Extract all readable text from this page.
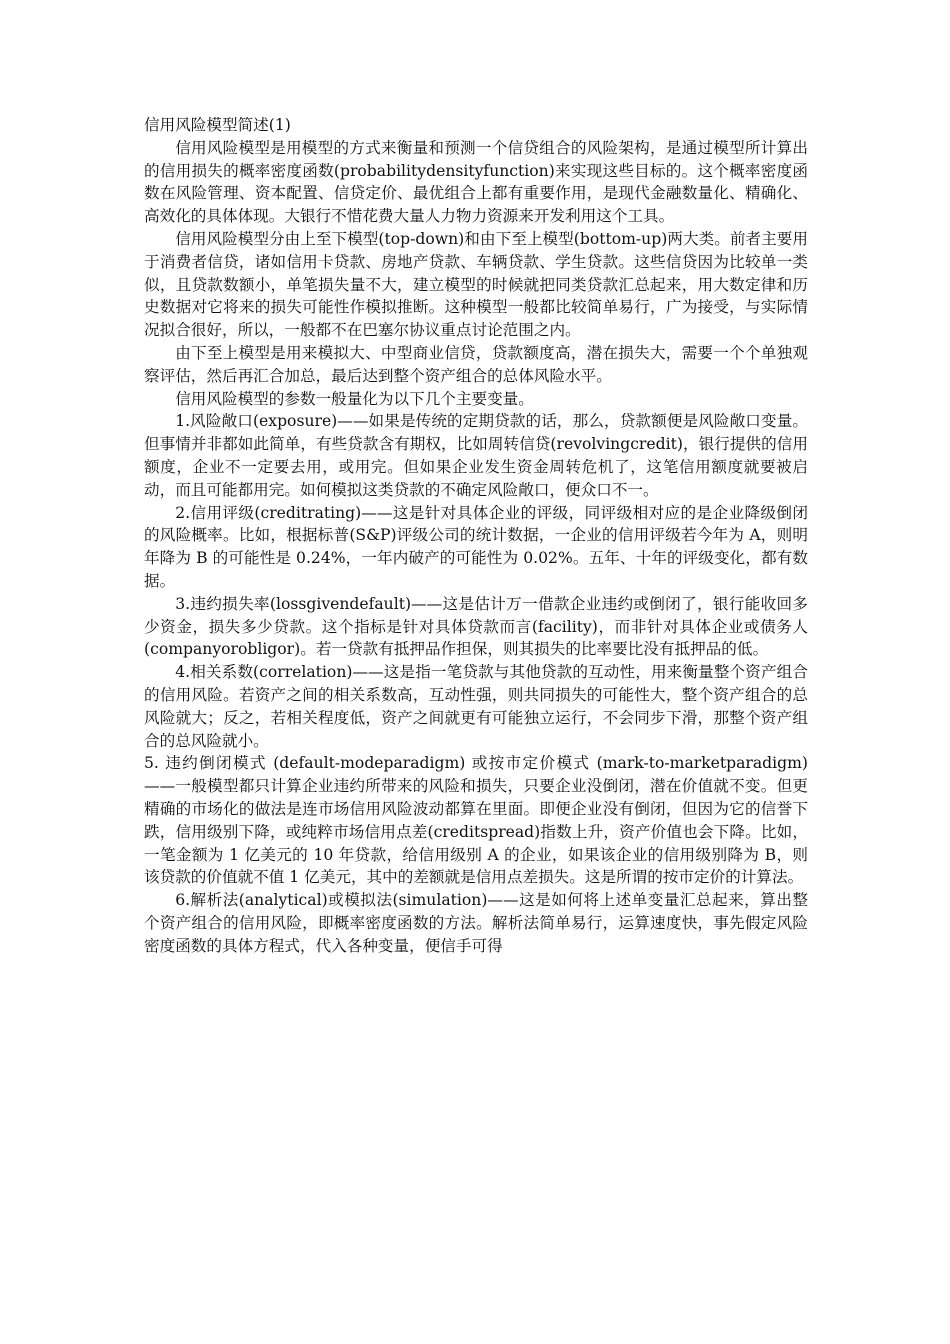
信用风险模型简述(1)

信用风险模型是用模型的方式来衡量和预测一个信贷组合的风险架构，是通过模型所计算出的信用损失的概率密度函数(probabilitydensityfunction)来实现这些目标的。这个概率密度函数在风险管理、资本配置、信贷定价、最优组合上都有重要作用，是现代金融数量化、精确化、高效化的具体体现。大银行不惜花费大量人力物力资源来开发利用这个工具。

信用风险模型分由上至下模型(top-down)和由下至上模型(bottom-up)两大类。前者主要用于消费者信贷，诸如信用卡贷款、房地产贷款、车辆贷款、学生贷款。这些信贷因为比较单一类似，且贷款数额小，单笔损失量不大，建立模型的时候就把同类贷款汇总起来，用大数定律和历史数据对它将来的损失可能性作模拟推断。这种模型一般都比较简单易行，广为接受，与实际情况拟合很好，所以，一般都不在巴塞尔协议重点讨论范围之内。

由下至上模型是用来模拟大、中型商业信贷，贷款额度高，潜在损失大，需要一个个单独观察评估，然后再汇合加总，最后达到整个资产组合的总体风险水平。

信用风险模型的参数一般量化为以下几个主要变量。

1.风险敞口(exposure)——如果是传统的定期贷款的话，那么，贷款额便是风险敞口变量。但事情并非都如此简单，有些贷款含有期权，比如周转信贷(revolvingcredit)，银行提供的信用额度，企业不一定要去用，或用完。但如果企业发生资金周转危机了，这笔信用额度就要被启动，而且可能都用完。如何模拟这类贷款的不确定风险敞口，便众口不一。

2.信用评级(creditrating)——这是针对具体企业的评级，同评级相对应的是企业降级倒闭的风险概率。比如，根据标普(S&P)评级公司的统计数据，一企业的信用评级若今年为 A，则明年降为 B 的可能性是 0.24%，一年内破产的可能性为 0.02%。五年、十年的评级变化，都有数据。

3.违约损失率(lossgivendefault)——这是估计万一借款企业违约或倒闭了，银行能收回多少资金，损失多少贷款。这个指标是针对具体贷款而言(facility)，而非针对具体企业或债务人(companyorobligor)。若一贷款有抵押品作担保，则其损失的比率要比没有抵押品的低。

4.相关系数(correlation)——这是指一笔贷款与其他贷款的互动性，用来衡量整个资产组合的信用风险。若资产之间的相关系数高，互动性强，则共同损失的可能性大，整个资产组合的总风险就大；反之，若相关程度低，资产之间就更有可能独立运行，不会同步下滑，那整个资产组合的总风险就小。

5. 违约倒闭模式 (default-modeparadigm) 或按市定价模式 (mark-to-marketparadigm)——一般模型都只计算企业违约所带来的风险和损失，只要企业没倒闭，潜在价值就不变。但更精确的市场化的做法是连市场信用风险波动都算在里面。即便企业没有倒闭，但因为它的信誉下跌，信用级别下降，或纯粹市场信用点差(creditspread)指数上升，资产价值也会下降。比如，一笔金额为 1 亿美元的 10 年贷款，给信用级别 A 的企业，如果该企业的信用级别降为 B，则该贷款的价值就不值 1 亿美元，其中的差额就是信用点差损失。这是所谓的按市定价的计算法。

6.解析法(analytical)或模拟法(simulation)——这是如何将上述单变量汇总起来，算出整个资产组合的信用风险，即概率密度函数的方法。解析法简单易行，运算速度快，事先假定风险密度函数的具体方程式，代入各种变量，便信手可得
